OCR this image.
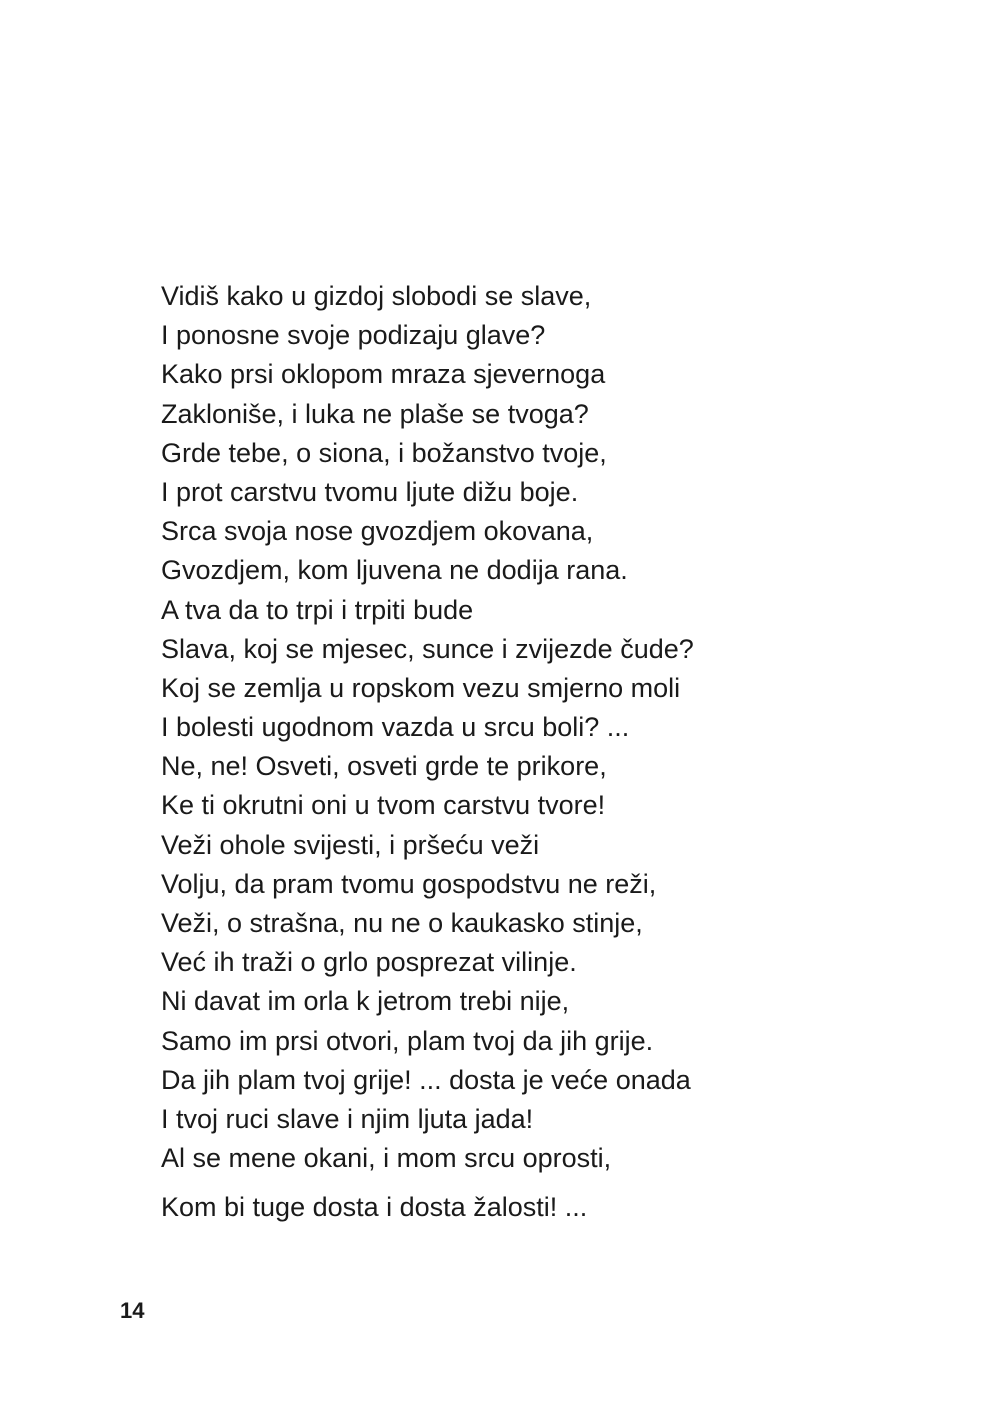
Vidiš kako u gizdoj slobodi se slave,

I ponosne svoje podizaju glave?

Kako prsi oklopom mraza sjevernoga

Zakloniše, i luka ne plaše se tvoga?

Grde tebe, o siona, i božanstvo tvoje,

I prot carstvu tvomu ljute dižu boje.

Srca svoja nose gvozdjem okovana,

Gvozdjem, kom ljuvena ne dodija rana.

A tva da to trpi i trpiti bude

Slava, koj se mjesec, sunce i zvijezde čude?

Koj se zemlja u ropskom vezu smjerno moli

I bolesti ugodnom vazda u srcu boli? ...

Ne, ne! Osveti, osveti grde te prikore,

Ke ti okrutni oni u tvom carstvu tvore!

Veži ohole svijesti, i pršeću veži

Volju, da pram tvomu gospodstvu ne reži,

Veži, o strašna, nu ne o kaukasko stinje,

Već ih traži o grlo posprezat vilinje.

Ni davat im orla k jetrom trebi nije,

Samo im prsi otvori, plam tvoj da jih grije.

Da jih plam tvoj grije! ... dosta je veće onada

I tvoj ruci slave i njim ljuta jada!

Al se mene okani, i mom srcu oprosti,

Kom bi tuge dosta i dosta žalosti! ...

14
